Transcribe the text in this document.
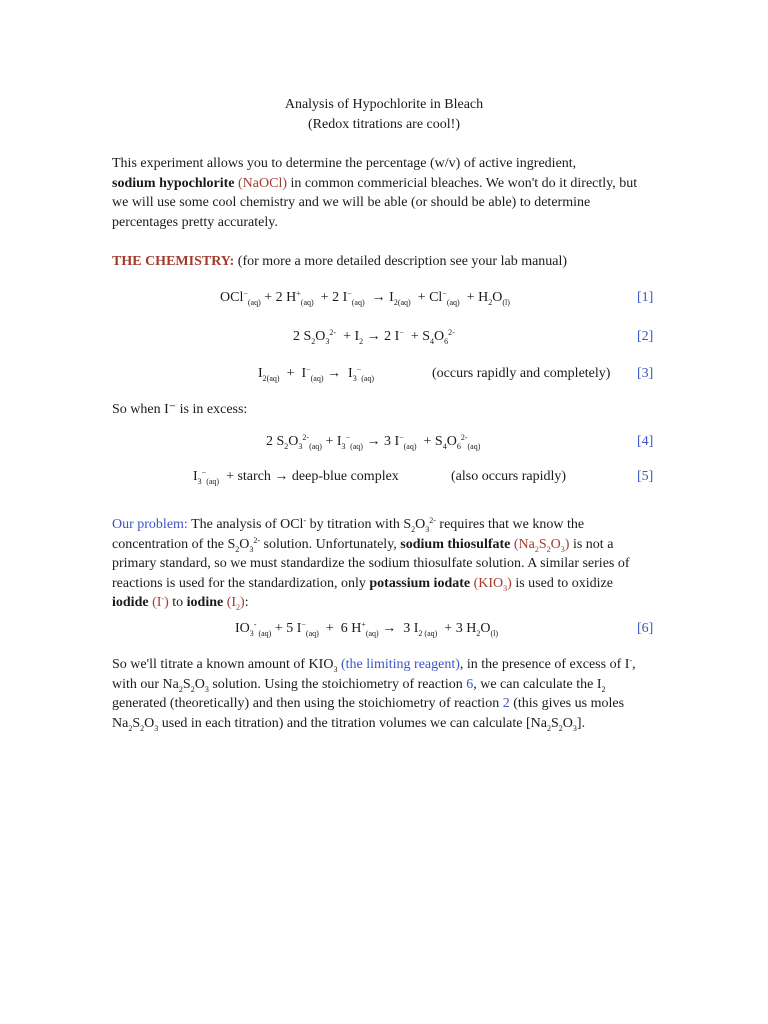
Analysis of Hypochlorite in Bleach
(Redox titrations are cool!)
This experiment allows you to determine the percentage (w/v) of active ingredient,
sodium hypochlorite (NaOCl) in common commericial bleaches. We won't do it directly, but we will use some cool chemistry and we will be able (or should be able) to determine percentages pretty accurately.
THE CHEMISTRY: (for more a more detailed description see your lab manual)
OCl−$_{(aq)}$ + 2 $H^+_{(aq)} + 2$ $I^-_{(aq)} \to I_{2(aq)} + Cl^-_{(aq)} + H_2O_{(l)}$	[1]
2 $S_2O_3^{2-} + I_2 \to 2$ $I^- + S_4O_6^{2-}$	[2]
$I_{2(aq)} + I^-_{(aq)} \to I_3^-_{(aq)}$	(occurs rapidly and completely) [3]
So when I⁻ is in excess:
2 $S_2O_3^{2-}_{(aq)} + I_3^-_{(aq)} \to 3$ $I^-_{(aq)} + S_4O_6^{2-}_{(aq)}$	[4]
$I_3^-_{(aq)}$ + starch → deep-blue complex	(also occurs rapidly)	[5]
Our problem: The analysis of OCl- by titration with $S_2O_3^{2-}$ requires that we know the concentration of the $S_2O_3^{2-}$ solution. Unfortunately, sodium thiosulfate $(Na_2S_2O_3)$ is not a primary standard, so we must standardize the sodium thiosulfate solution. A similar series of reactions is used for the standardization, only potassium iodate $(KIO_3)$ is used to oxidize iodide (I-) to iodine $(I_2)$:
$IO_3^-$ $_{(aq)}$ + 5 $I^-_{(aq)} + 6$ $H^+_{(aq)} \to 3$ $I_{2 (aq)} + 3$ $H_2O_{(l)}$	[6]
So we'll titrate a known amount of $KIO_3$ (the limiting reagent), in the presence of excess of I-, with our $Na_2S_2O_3$ solution. Using the stoichiometry of reaction 6, we can calculate the $I_2$ generated (theoretically) and then using the stoichiometry of reaction 2 (this gives us moles $Na_2S_2O_3$ used in each titration) and the titration volumes we can calculate $[Na_2S_2O_3]$.
